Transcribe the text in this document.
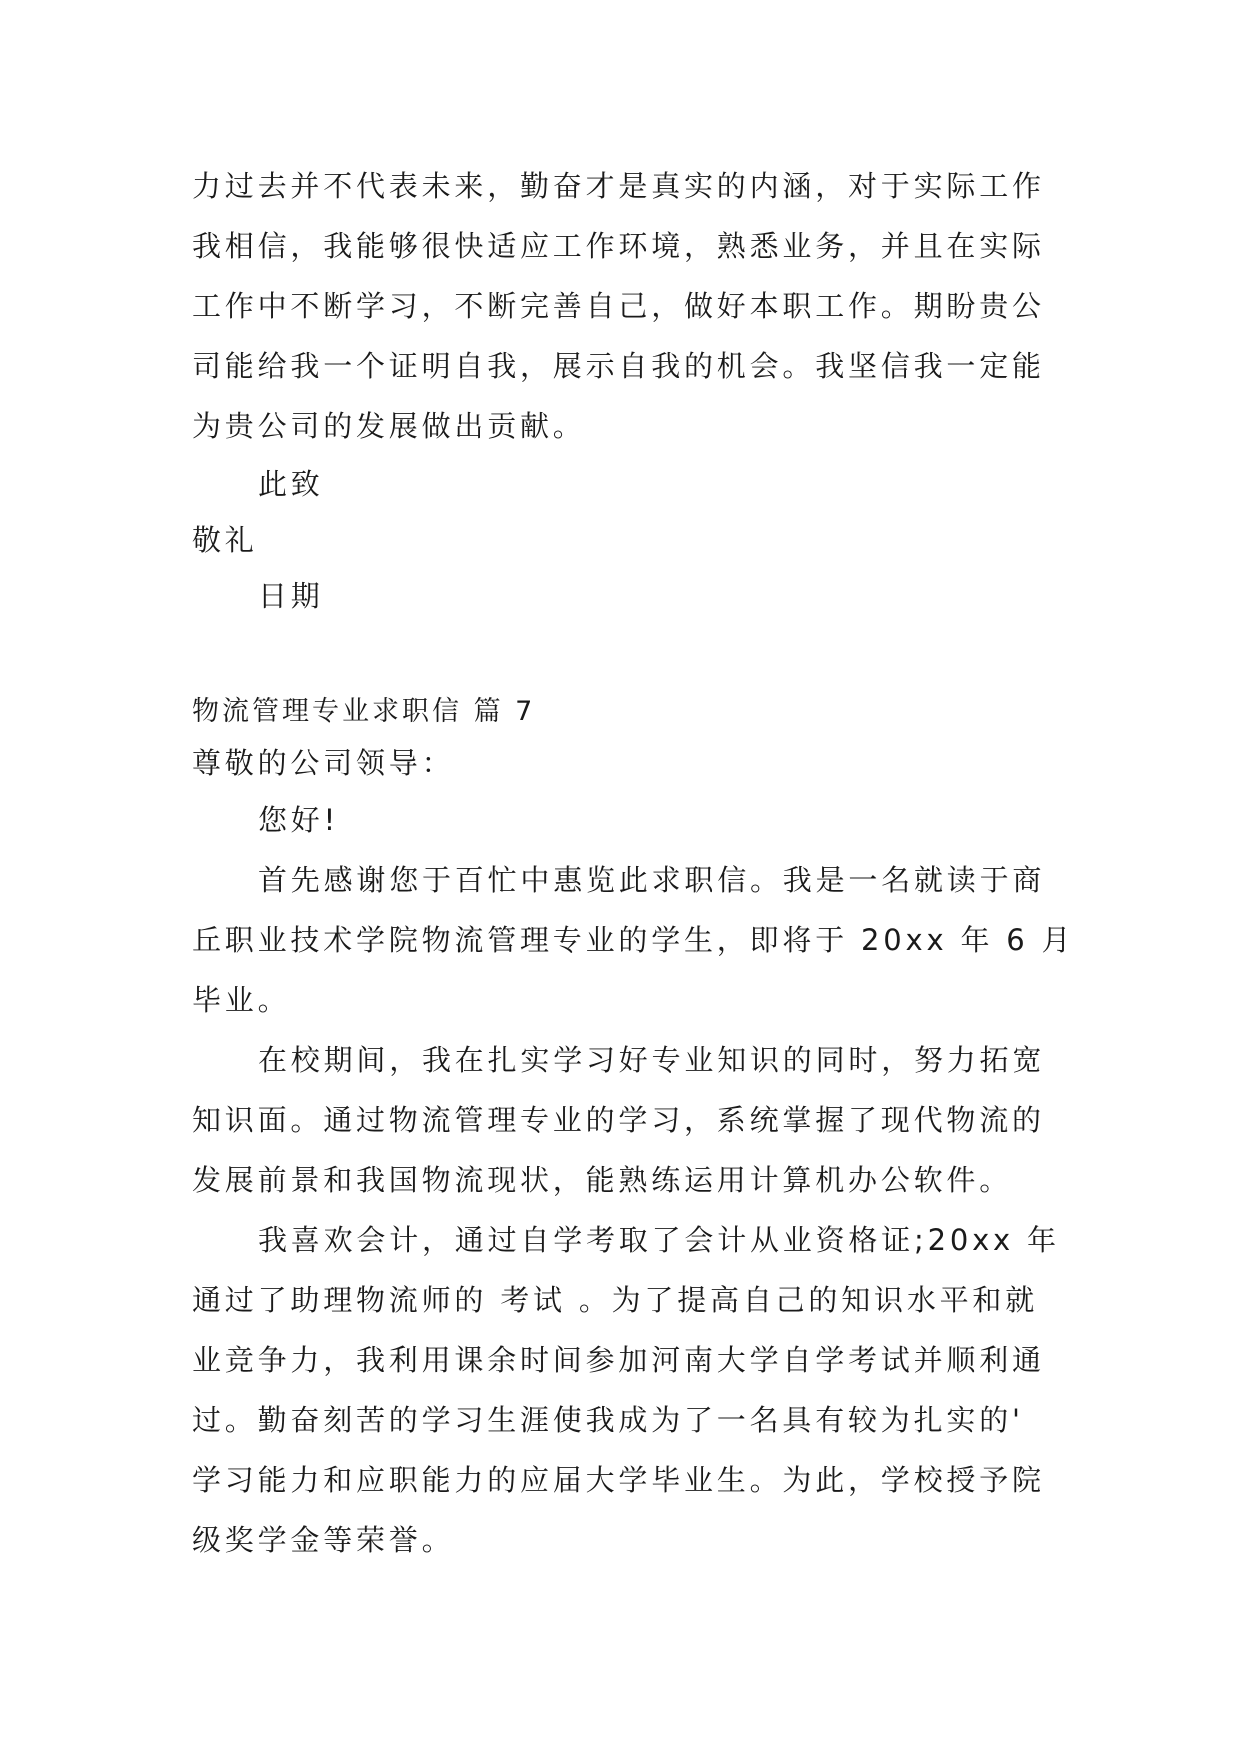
力过去并不代表未来，勤奋才是真实的内涵，对于实际工作
我相信，我能够很快适应工作环境，熟悉业务，并且在实际
工作中不断学习，不断完善自己，做好本职工作。期盼贵公
司能给我一个证明自我，展示自我的机会。我坚信我一定能
为贵公司的发展做出贡献。
此致
敬礼
日期
物流管理专业求职信 篇 7
尊敬的公司领导：
您好!
首先感谢您于百忙中惠览此求职信。我是一名就读于商
丘职业技术学院物流管理专业的学生，即将于 20xx 年 6 月
毕业。
在校期间，我在扎实学习好专业知识的同时，努力拓宽
知识面。通过物流管理专业的学习，系统掌握了现代物流的
发展前景和我国物流现状，能熟练运用计算机办公软件。
我喜欢会计，通过自学考取了会计从业资格证;20xx 年
通过了助理物流师的 考试 。为了提高自己的知识水平和就
业竞争力，我利用课余时间参加河南大学自学考试并顺利通
过。勤奋刻苦的学习生涯使我成为了一名具有较为扎实的'
学习能力和应职能力的应届大学毕业生。为此，学校授予院
级奖学金等荣誉。
